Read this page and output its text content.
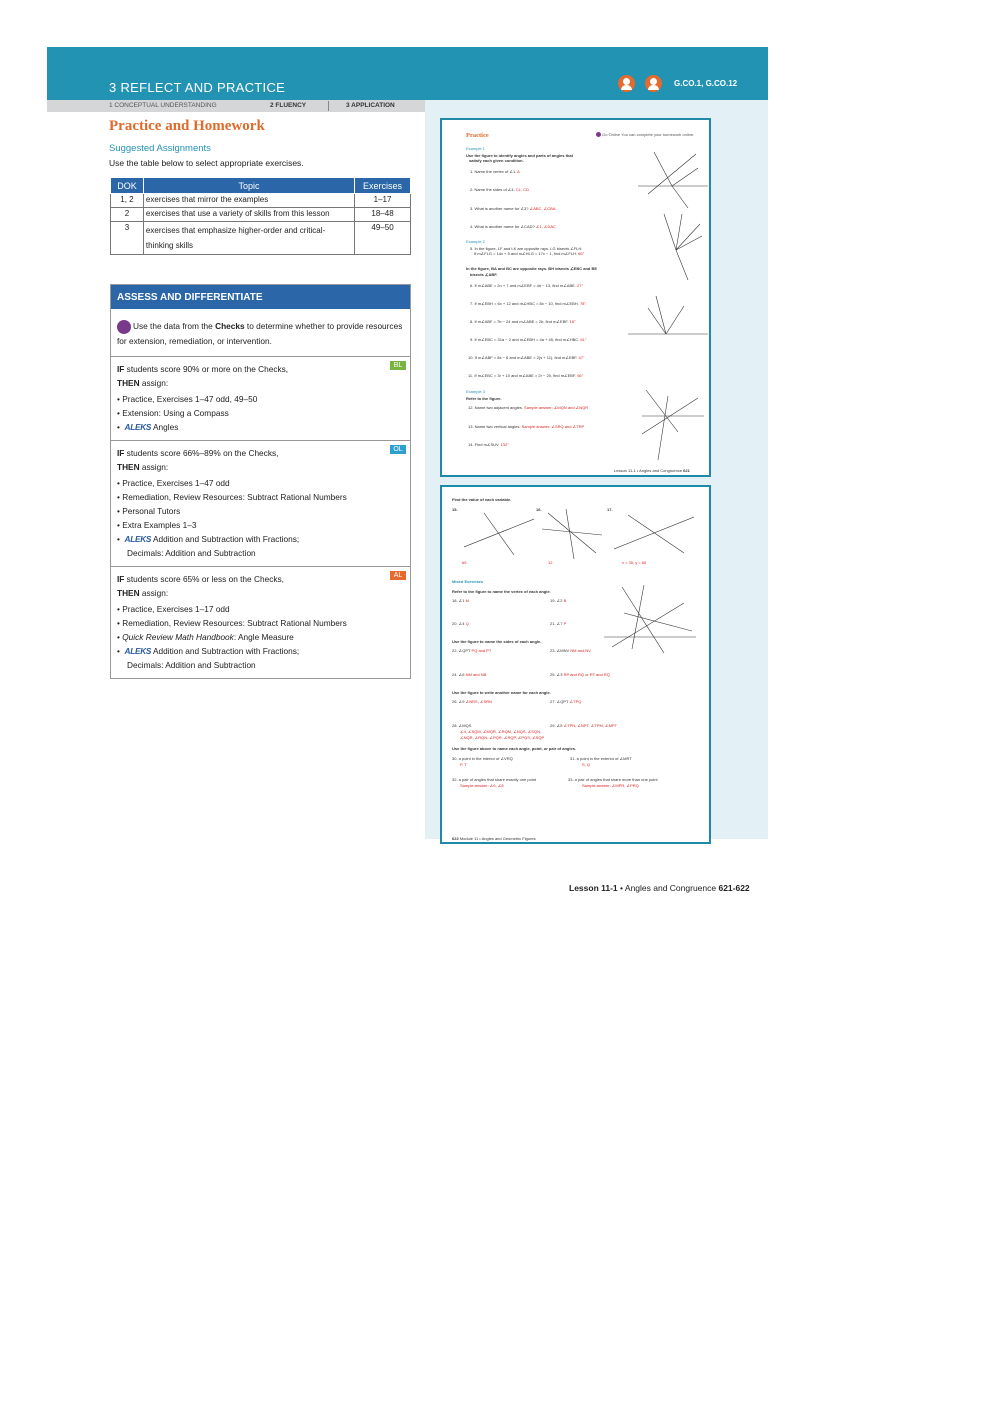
3 REFLECT AND PRACTICE	G.CO.1, G.CO.12
1 CONCEPTUAL UNDERSTANDING	2 FLUENCY	3 APPLICATION
Practice and Homework
Suggested Assignments
Use the table below to select appropriate exercises.
DOK	Topic	Exercises
1, 2	exercises that mirror the examples	1–17
2	exercises that use a variety of skills from this lesson	18–48
3	exercises that emphasize higher-order and critical-thinking skills	49–50
ASSESS AND DIFFERENTIATE
Use the data from the Checks to determine whether to provide resources for extension, remediation, or intervention.
BL
IF students score 90% or more on the Checks,
THEN assign:
• Practice, Exercises 1–47 odd, 49–50
• Extension: Using a Compass
•  ALEKS Angles
OL
IF students score 66%–89% on the Checks,
THEN assign:
• Practice, Exercises 1–47 odd
• Remediation, Review Resources: Subtract Rational Numbers
• Personal Tutors
• Extra Examples 1–3
•  ALEKS Addition and Subtraction with Fractions;
Decimals: Addition and Subtraction
AL
IF students score 65% or less on the Checks,
THEN assign:
• Practice, Exercises 1–17 odd
• Remediation, Review Resources: Subtract Rational Numbers
• Quick Review Math Handbook: Angle Measure
•  ALEKS Addition and Subtraction with Fractions;
Decimals: Addition and Subtraction
Practice	Go Online You can complete your homework online.
Example 1
Use the figure to identify angles and parts of angles that
satisfy each given condition.
1. Name the vertex of ∠1. A
2. Name the sides of ∠4. CL, CD
3. What is another name for ∠3? ∠ABC, ∠CBA
4. What is another name for ∠CAD? ∠1, ∠DAC
Example 2
5. In the figure, LF and LK are opposite rays. LG bisects ∠FLH.
If m∠FLG = 14x + 5 and m∠HLG = 17x − 1, find m∠FLH. 66°
In the figure, BA and BC are opposite rays. BH bisects ∠EBC and BE
bisects ∠ABF.
6. If m∠ABE = 2n + 7 and m∠EBF = 4n − 13, find m∠ABE. 27°
7. If m∠EBH = 6x + 12 and m∠HBC = 8x − 10, find m∠EBH. 78°
8. If m∠ABF = 7b − 24 and m∠ABE = 2b, find m∠EBF. 16°
9. If m∠EBC = 31a − 2 and m∠EBH = 4a + 45, find m∠HBC. 61°
10. If m∠ABF = 8s − 6 and m∠ABE = 2(s + 11), find m∠EBF. 47°
11. If m∠EBC = 3r + 10 and m∠ABE = 2r − 20, find m∠EBF. 56°
Example 3
Refer to the figure.
12. Name two adjacent angles. Sample answer: ∠MQN and ∠NQR
13. Name two vertical angles. Sample answer: ∠SRQ and ∠TRP
14. Find m∠SUV. 132°
Lesson 11-1 • Angles and Congruence 621
Find the value of each variable.
15.	16.	17.
65	12	x = 35, y = 65
Mixed Exercises
Refer to the figure to name the vertex of each angle.
18. ∠1 M	19. ∠2 B
20. ∠4 Q	21. ∠7 P
Use the figure to name the sides of each angle.
22. ∠QPT PQ and PT	23. ∠MNV NM and NV
24. ∠6 NM and NB	25. ∠3 RP and RQ or RT and RQ
Use the figure to write another name for each angle.
26. ∠9 ∠NRS, ∠SRN	27. ∠QPT ∠TPQ
28. ∠MQS
∠4, ∠SQM, ∠MQR, ∠RQM, ∠NQS, ∠SQN,
∠NQR, ∠RQN, ∠PQR, ∠RQP, ∠PQS, ∠SQP
29. ∠5 ∠TPN, ∠NPT, ∠TPM, ∠MPT
Use the figure above to name each angle, point, or pair of angles.
30. a point in the interior of ∠VRQ
P, T
31. a point in the exterior of ∠MRT
S, Q
32. a pair of angles that share exactly one point
Sample answer: ∠6, ∠8
33. a pair of angles that share more than one point
Sample answer: ∠MPR, ∠PRQ
622 Module 11 • Angles and Geometric Figures
Lesson 11-1 • Angles and Congruence 621-622
